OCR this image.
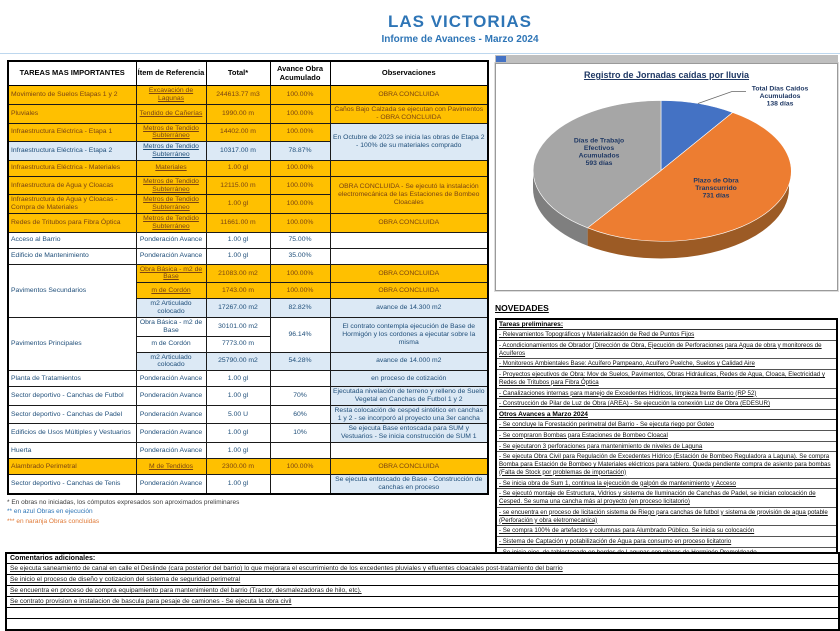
LAS VICTORIAS
Informe de Avances - Marzo 2024
TAREAS MAS IMPORTANTES	Ítem de Referencia	Total*	Avance Obra Acumulado	Observaciones
Movimiento de Suelos Etapas 1 y 2	Excavación de Lagunas	244613.77 m3	100.00%	OBRA CONCLUIDA
Pluviales	Tendido de Cañerías	1990.00 m	100.00%	Caños Bajo Calzada se ejecutan con Pavimentos - OBRA CONCLUIDA
Infraestructura Eléctrica - Etapa 1	Metros de Tendido Subterráneo	14402.00 m	100.00%	En Octubre de 2023 se inicia las obras de Etapa 2 - 100% de su materiales comprado
Infraestructura Eléctrica - Etapa 2	Metros de Tendido Subterráneo	10317.00 m	78.87%	
Infraestructura Eléctrica - Materiales	Materiales	1.00 gl	100.00%	
Infraestructura de Agua y Cloacas	Metros de Tendido Subterráneo	12115.00 m	100.00%	OBRA CONCLUIDA - Se ejecutó la instalación electromecánica de las Estaciones de Bombeo Cloacales
Infraestructura de Agua y Cloacas - Compra de Materiales	Metros de Tendido Subterráneo	1.00 gl	100.00%	
Redes de Tritubos para Fibra Óptica	Metros de Tendido Subterráneo	11661.00 m	100.00%	OBRA CONCLUIDA
Acceso al Barrio	Ponderación Avance	1.00 gl	75.00%	
Edificio de Mantenimiento	Ponderación Avance	1.00 gl	35.00%	
Pavimentos Secundarios	Obra Básica - m2 de Base	21083.00 m2	100.00%	OBRA CONCLUIDA
	m de Cordón	1743.00 m	100.00%	OBRA CONCLUIDA
	m2 Articulado colocado	17267.00 m2	82.82%	avance de 14.300 m2
Pavimentos Principales	Obra Básica - m2 de Base	30101.00 m2	96.14%	El contrato contempla ejecución de Base de Hormigón y los cordones a ejecutar sobre la misma
	m de Cordón	7773.00 m		
	m2 Articulado colocado	25790.00 m2	54.28%	avance de 14.000 m2
Planta de Tratamientos	Ponderación Avance	1.00 gl		en proceso de cotización
Sector deportivo - Canchas de Futbol	Ponderación Avance	1.00 gl	70%	Ejecutada nivelación de terreno y relleno de Suelo Vegetal en Canchas de Futbol 1 y 2
Sector deportivo - Canchas de Padel	Ponderación Avance	5.00 U	60%	Resta colocación de cesped sintético en canchas 1 y 2 - se incorporó al proyecto una 3er cancha
Edificios de Usos Múltiples y Vestuarios	Ponderación Avance	1.00 gl	10%	Se ejecuta Base entoscada para SUM y Vestuarios - Se inicia construcción de SUM 1
Huerta	Ponderación Avance	1.00 gl		
Alambrado Perimetral	M de Tendidos	2300.00 m	100.00%	OBRA CONCLUIDA
Sector deportivo - Canchas de Tenis	Ponderación Avance	1.00 gl		Se ejecuta entoscado de Base - Construcción de canchas en proceso
* En obras no iniciadas, los cómputos expresados son aproximados preliminares
** en azul Obras en ejecución
*** en naranja Obras concluidas
Registro de Jornadas caídas por lluvia
Total Días Caídos Acumulados 138 días
Días de Trabajo Efectivos Acumulados 593 días
Plazo de Obra Transcurrido 731 días
NOVEDADES
Tareas preliminares:
- Relevamientos Topográficos y Materialización de Red de Puntos Fijos
- Acondicionamientos de Obrador (Dirección de Obra, Ejecución de Perforaciones para Agua de obra y monitoreos de Acuíferos
- Monitoreos Ambientales Base: Acuífero Pampeano, Acuífero Puelche, Suelos y Calidad Aire
- Proyectos ejecutivos de Obra: Mov de Suelos, Pavimentos, Obras Hidráulicas, Redes de Agua, Cloaca, Electricidad y Redes de Tritubos para Fibra Óptica
- Canalizaciones internas para manejo de Excedentes Hídricos, limpieza frente Barrio (RP 52)
- Construcción de Pilar de Luz de Obra (AREA) - Se ejecución la conexión Luz de Obra (EDESUR)
Otros Avances a Marzo 2024
- Se concluye la Forestación perimetral del Barrio - Se ejecuta riego por Goteo
- Se compraron Bombas para Estaciones de Bombeo Cloacal
- Se ejecutaron 3 perforaciones para mantenimiento de niveles de Laguna
- Se ejecuta Obra Civil para Regulación de Excedentes Hídrico (Estación de Bombeo Reguladora a Laguna). Se compra Bomba para Estación de Bombeo y Materiales eléctricos para tablero. Queda pendiente compra de asiento para bombas (Falta de Stock por problemas de importación)
- Se inicia obra de Sum 1, continua la ejecución de galpón de mantenimiento y Acceso
- Se ejecutó montaje de Estructura, Vidrios y sistema de Iluminación de Canchas de Padel, se inician colocación de Cesped. Se suma una cancha más al proyecto (en proceso licitatorio)
- se encuentra en proceso de licitación sistema de Riego para canchas de futbol y sistema de provisión de agua potable (Perforación y obra eletromecanica)
- Se compra 100% de artefactos y columnas para Alumbrado Público. Se inicia su colocación
- Sistema de Captación y potabilización de Agua para consumo en proceso licitatorio
Comentarios adicionales:
Se ejecuta saneamiento de canal en calle el Deslinde (cara posterior del barrio) lo que mejorara el escurrimiento de los excedentes pluviales y efluentes cloacales post-tratamiento del barrio
Se inicio el proceso de diseño y cotizacion del sistema de seguridad perimetral
Se encuentra en proceso de compra equipamiento para mantenimiento del barrio (Tractor, desmalezadoras de hilo, etc).
Se contrato provision e instalacion de bascula para pesaje de camiones - Se ejecuta la obra civil
